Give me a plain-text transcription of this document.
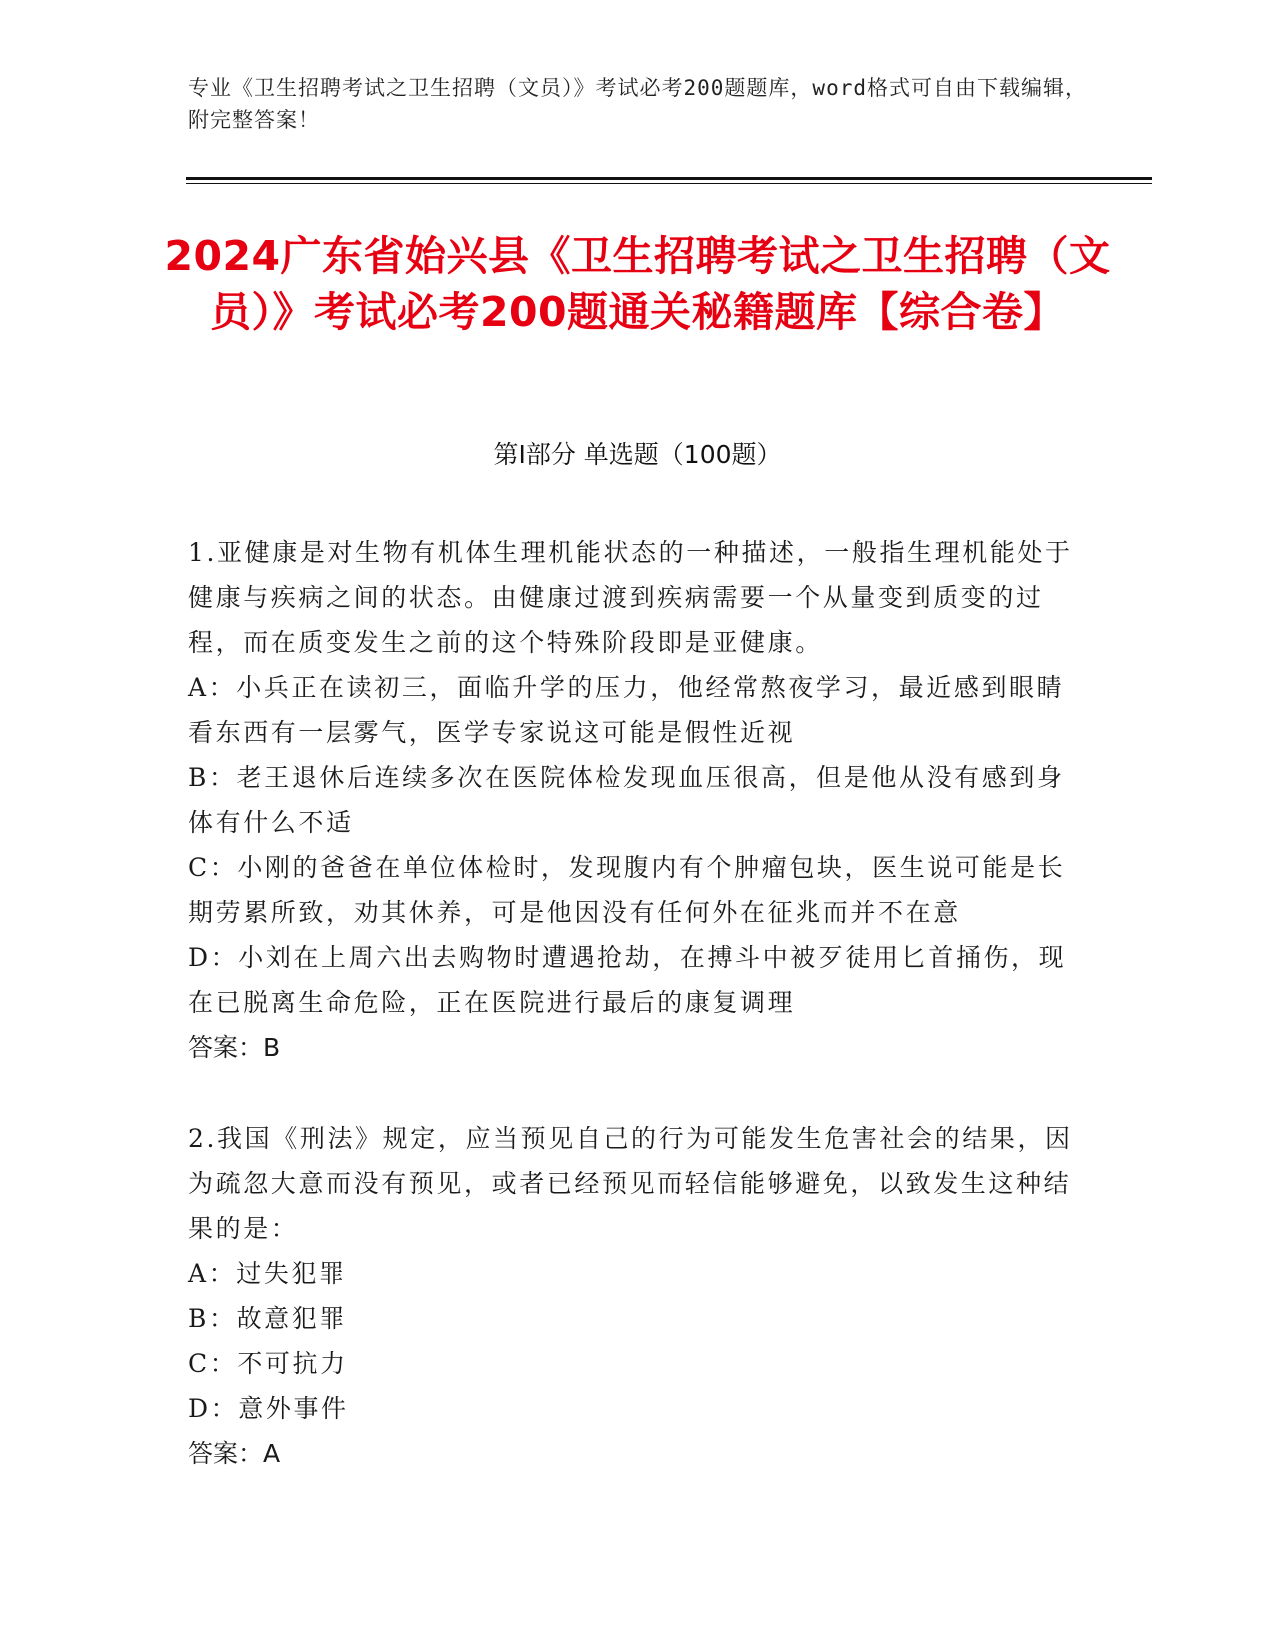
专业《卫生招聘考试之卫生招聘（文员）》考试必考200题题库，word格式可自由下载编辑，附完整答案！
2024广东省始兴县《卫生招聘考试之卫生招聘（文员）》考试必考200题通关秘籍题库【综合卷】
第Ⅰ部分 单选题（100题）

1.亚健康是对生物有机体生理机能状态的一种描述，一般指生理机能处于健康与疾病之间的状态。由健康过渡到疾病需要一个从量变到质变的过程，而在质变发生之前的这个特殊阶段即是亚健康。

A：小兵正在读初三，面临升学的压力，他经常熬夜学习，最近感到眼睛看东西有一层雾气，医学专家说这可能是假性近视

B：老王退休后连续多次在医院体检发现血压很高，但是他从没有感到身体有什么不适

C：小刚的爸爸在单位体检时，发现腹内有个肿瘤包块，医生说可能是长期劳累所致，劝其休养，可是他因没有任何外在征兆而并不在意

D：小刘在上周六出去购物时遭遇抢劫，在搏斗中被歹徒用匕首捅伤，现在已脱离生命危险，正在医院进行最后的康复调理

答案：B

2.我国《刑法》规定，应当预见自己的行为可能发生危害社会的结果，因为疏忽大意而没有预见，或者已经预见而轻信能够避免，以致发生这种结果的是：

A：过失犯罪

B：故意犯罪

C：不可抗力

D：意外事件

答案：A
